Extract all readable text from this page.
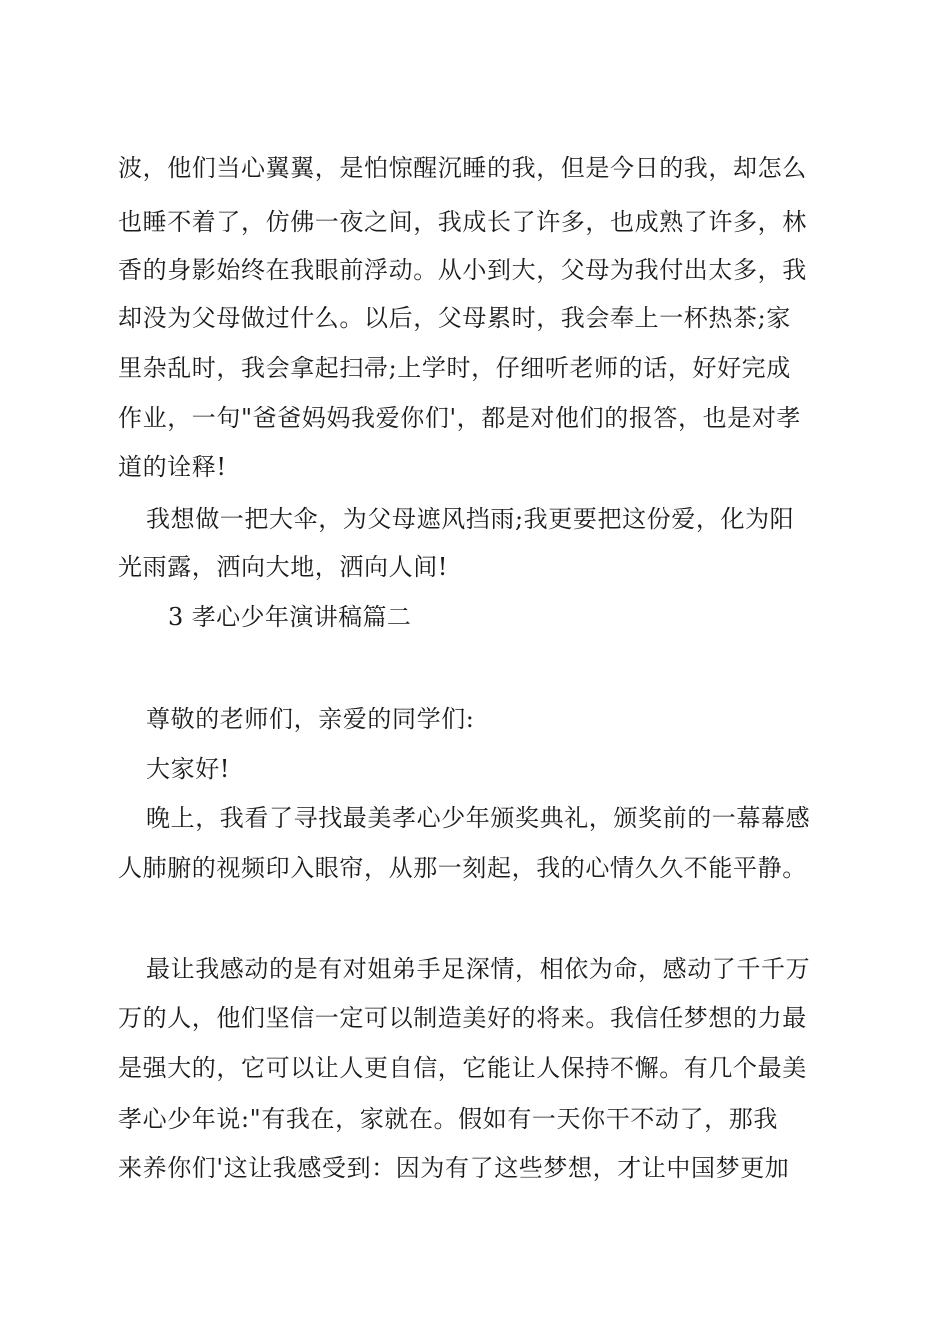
波，他们当心翼翼，是怕惊醒沉睡的我，但是今日的我，却怎么
也睡不着了，仿佛一夜之间，我成长了许多，也成熟了许多，林
香的身影始终在我眼前浮动。从小到大，父母为我付出太多，我
却没为父母做过什么。以后，父母累时，我会奉上一杯热茶;家
里杂乱时，我会拿起扫帚;上学时，仔细听老师的话，好好完成
作业，一句"爸爸妈妈我爱你们'，都是对他们的报答，也是对孝
道的诠释!
我想做一把大伞，为父母遮风挡雨;我更要把这份爱，化为阳
光雨露，洒向大地，洒向人间!
3 孝心少年演讲稿篇二
尊敬的老师们，亲爱的同学们:
大家好!
晚上，我看了寻找最美孝心少年颁奖典礼，颁奖前的一幕幕感
人肺腑的视频印入眼帘，从那一刻起，我的心情久久不能平静。
最让我感动的是有对姐弟手足深情，相依为命，感动了千千万
万的人，他们坚信一定可以制造美好的将来。我信任梦想的力最
是强大的，它可以让人更自信，它能让人保持不懈。有几个最美
孝心少年说:"有我在，家就在。假如有一天你干不动了，那我
来养你们'这让我感受到：因为有了这些梦想，才让中国梦更加
